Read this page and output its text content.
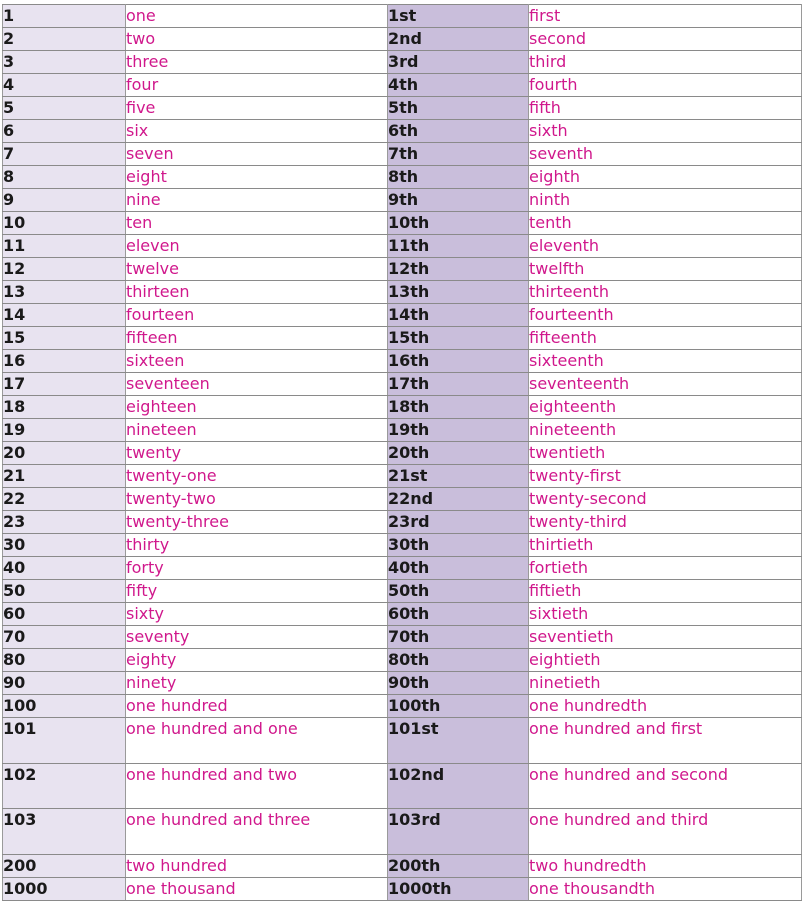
1	one	1st	first
2	two	2nd	second
3	three	3rd	third
4	four	4th	fourth
5	five	5th	fifth
6	six	6th	sixth
7	seven	7th	seventh
8	eight	8th	eighth
9	nine	9th	ninth
10	ten	10th	tenth
11	eleven	11th	eleventh
12	twelve	12th	twelfth
13	thirteen	13th	thirteenth
14	fourteen	14th	fourteenth
15	fifteen	15th	fifteenth
16	sixteen	16th	sixteenth
17	seventeen	17th	seventeenth
18	eighteen	18th	eighteenth
19	nineteen	19th	nineteenth
20	twenty	20th	twentieth
21	twenty-one	21st	twenty-first
22	twenty-two	22nd	twenty-second
23	twenty-three	23rd	twenty-third
30	thirty	30th	thirtieth
40	forty	40th	fortieth
50	fifty	50th	fiftieth
60	sixty	60th	sixtieth
70	seventy	70th	seventieth
80	eighty	80th	eightieth
90	ninety	90th	ninetieth
100	one hundred	100th	one hundredth
101	one hundred and one	101st	one hundred and first
102	one hundred and two	102nd	one hundred and second
103	one hundred and three	103rd	one hundred and third
200	two hundred	200th	two hundredth
1000	one thousand	1000th	one thousandth
